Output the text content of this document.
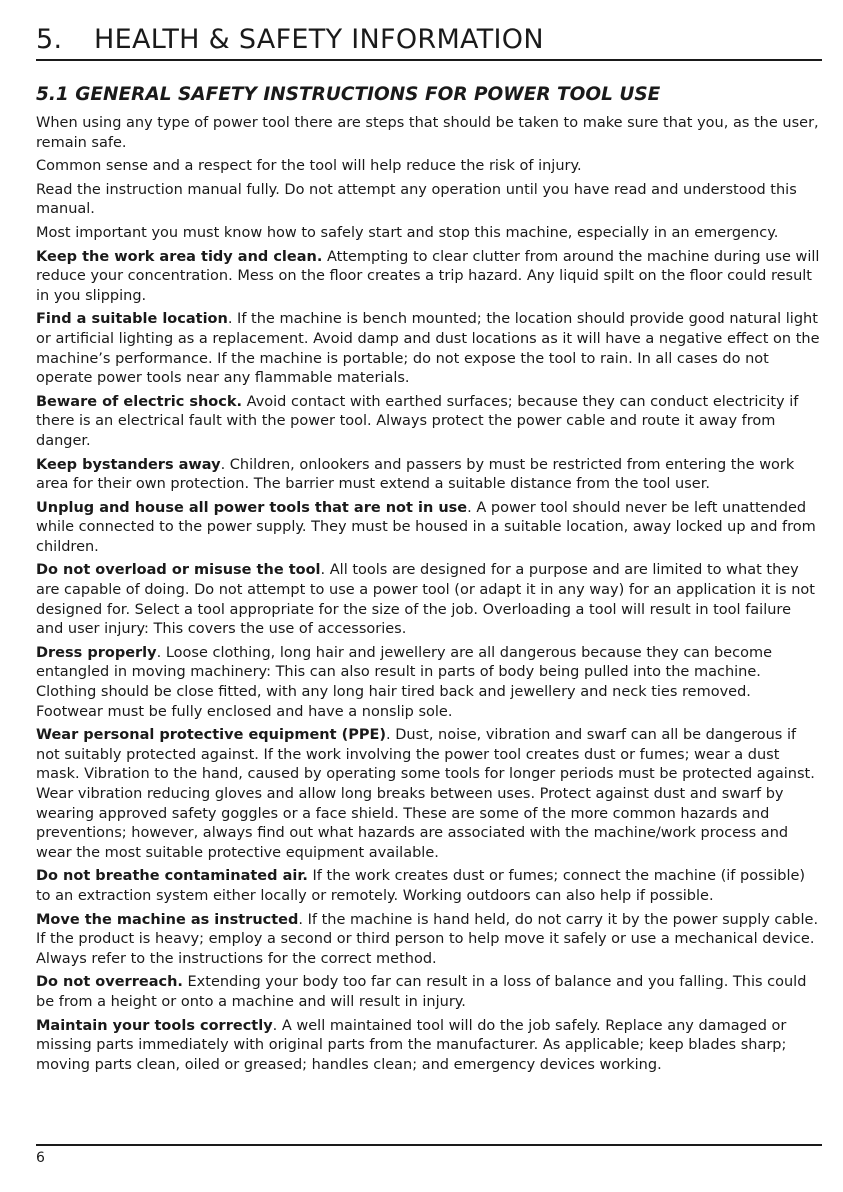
5. HEALTH & SAFETY INFORMATION
5.1 GENERAL SAFETY INSTRUCTIONS FOR POWER TOOL USE

When using any type of power tool there are steps that should be taken to make sure that you, as the user, remain safe.

Common sense and a respect for the tool will help reduce the risk of injury.

Read the instruction manual fully. Do not attempt any operation until you have read and understood this manual.

Most important you must know how to safely start and stop this machine, especially in an emergency.

Keep the work area tidy and clean. Attempting to clear clutter from around the machine during use will reduce your concentration. Mess on the floor creates a trip hazard. Any liquid spilt on the floor could result in you slipping.

Find a suitable location. If the machine is bench mounted; the location should provide good natural light or artificial lighting as a replacement. Avoid damp and dust locations as it will have a negative effect on the machine’s performance. If the machine is portable; do not expose the tool to rain. In all cases do not operate power tools near any flammable materials.

Beware of electric shock. Avoid contact with earthed surfaces; because they can conduct electricity if there is an electrical fault with the power tool. Always protect the power cable and route it away from danger.

Keep bystanders away. Children, onlookers and passers by must be restricted from entering the work area for their own protection. The barrier must extend a suitable distance from the tool user.

Unplug and house all power tools that are not in use. A power tool should never be left unattended while connected to the power supply. They must be housed in a suitable location, away locked up and from children.

Do not overload or misuse the tool. All tools are designed for a purpose and are limited to what they are capable of doing. Do not attempt to use a power tool (or adapt it in any way) for an application it is not designed for. Select a tool appropriate for the size of the job. Overloading a tool will result in tool failure and user injury: This covers the use of accessories.

Dress properly. Loose clothing, long hair and jewellery are all dangerous because they can become entangled in moving machinery: This can also result in parts of body being pulled into the machine. Clothing should be close fitted, with any long hair tired back and jewellery and neck ties removed. Footwear must be fully enclosed and have a nonslip sole.

Wear personal protective equipment (PPE). Dust, noise, vibration and swarf can all be dangerous if not suitably protected against. If the work involving the power tool creates dust or fumes; wear a dust mask. Vibration to the hand, caused by operating some tools for longer periods must be protected against. Wear vibration reducing gloves and allow long breaks between uses. Protect against dust and swarf by wearing approved safety goggles or a face shield. These are some of the more common hazards and preventions; however, always find out what hazards are associated with the machine/work process and wear the most suitable protective equipment available.

Do not breathe contaminated air. If the work creates dust or fumes; connect the machine (if possible) to an extraction system either locally or remotely. Working outdoors can also help if possible.

Move the machine as instructed. If the machine is hand held, do not carry it by the power supply cable. If the product is heavy; employ a second or third person to help move it safely or use a mechanical device. Always refer to the instructions for the correct method.

Do not overreach. Extending your body too far can result in a loss of balance and you falling. This could be from a height or onto a machine and will result in injury.

Maintain your tools correctly. A well maintained tool will do the job safely. Replace any damaged or missing parts immediately with original parts from the manufacturer. As applicable; keep blades sharp; moving parts clean, oiled or greased; handles clean; and emergency devices working.

6
